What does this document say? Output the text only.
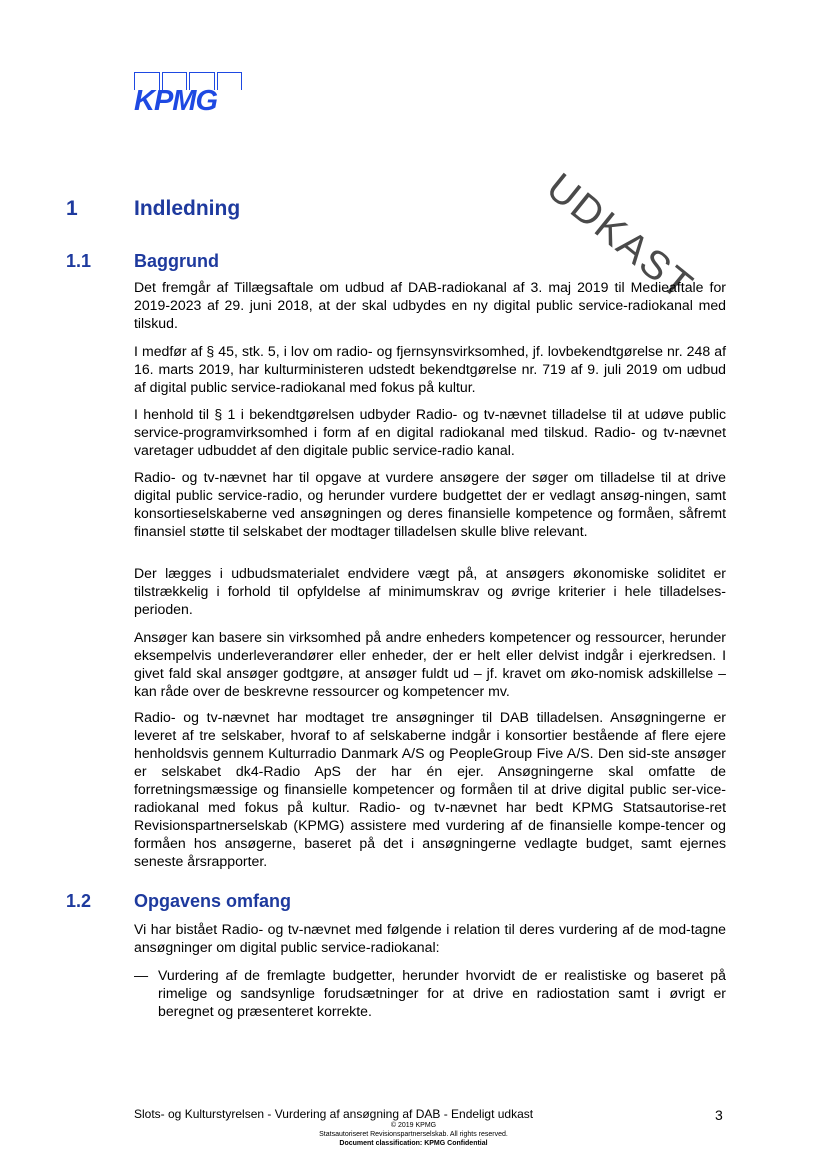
KPMG
UDKAST
1	Indledning
1.1 Baggrund

Det fremgår af Tillægsaftale om udbud af DAB-radiokanal af 3. maj 2019 til Medieaftale for 2019-2023 af 29. juni 2018, at der skal udbydes en ny digital public service-radiokanal med tilskud.

I medfør af § 45, stk. 5, i lov om radio- og fjernsynsvirksomhed, jf. lovbekendtgørelse nr. 248 af 16. marts 2019, har kulturministeren udstedt bekendtgørelse nr. 719 af 9. juli 2019 om udbud af digital public service-radiokanal med fokus på kultur.

I henhold til § 1 i bekendtgørelsen udbyder Radio- og tv-nævnet tilladelse til at udøve public service-programvirksomhed i form af en digital radiokanal med tilskud. Radio- og tv-nævnet varetager udbuddet af den digitale public service-radio kanal.

Radio- og tv-nævnet har til opgave at vurdere ansøgere der søger om tilladelse til at drive digital public service-radio, og herunder vurdere budgettet der er vedlagt ansøg-ningen, samt konsortieselskaberne ved ansøgningen og deres finansielle kompetence og formåen, såfremt finansiel støtte til selskabet der modtager tilladelsen skulle blive relevant.

Der lægges i udbudsmaterialet endvidere vægt på, at ansøgers økonomiske soliditet er tilstrækkelig i forhold til opfyldelse af minimumskrav og øvrige kriterier i hele tilladelses-perioden.

Ansøger kan basere sin virksomhed på andre enheders kompetencer og ressourcer, herunder eksempelvis underleverandører eller enheder, der er helt eller delvist indgår i ejerkredsen. I givet fald skal ansøger godtgøre, at ansøger fuldt ud – jf. kravet om øko-nomisk adskillelse – kan råde over de beskrevne ressourcer og kompetencer mv.

Radio- og tv-nævnet har modtaget tre ansøgninger til DAB tilladelsen. Ansøgningerne er leveret af tre selskaber, hvoraf to af selskaberne indgår i konsortier bestående af flere ejere henholdsvis gennem Kulturradio Danmark A/S og PeopleGroup Five A/S. Den sid-ste ansøger er selskabet dk4-Radio ApS der har én ejer. Ansøgningerne skal omfatte de forretningsmæssige og finansielle kompetencer og formåen til at drive digital public ser-vice-radiokanal med fokus på kultur. Radio- og tv-nævnet har bedt KPMG Statsautorise-ret Revisionspartnerselskab (KPMG) assistere med vurdering af de finansielle kompe-tencer og formåen hos ansøgerne, baseret på det i ansøgningerne vedlagte budget, samt ejernes seneste årsrapporter.

1.2 Opgavens omfang

Vi har bistået Radio- og tv-nævnet med følgende i relation til deres vurdering af de mod-tagne ansøgninger om digital public service-radiokanal:

— Vurdering af de fremlagte budgetter, herunder hvorvidt de er realistiske og baseret på rimelige og sandsynlige forudsætninger for at drive en radiostation samt i øvrigt er beregnet og præsenteret korrekte.
Slots- og Kulturstyrelsen - Vurdering af ansøgning af DAB - Endeligt udkast	3
© 2019 KPMG
Statsautoriseret Revisionspartnerselskab. All rights reserved.
Document classification: KPMG Confidential
